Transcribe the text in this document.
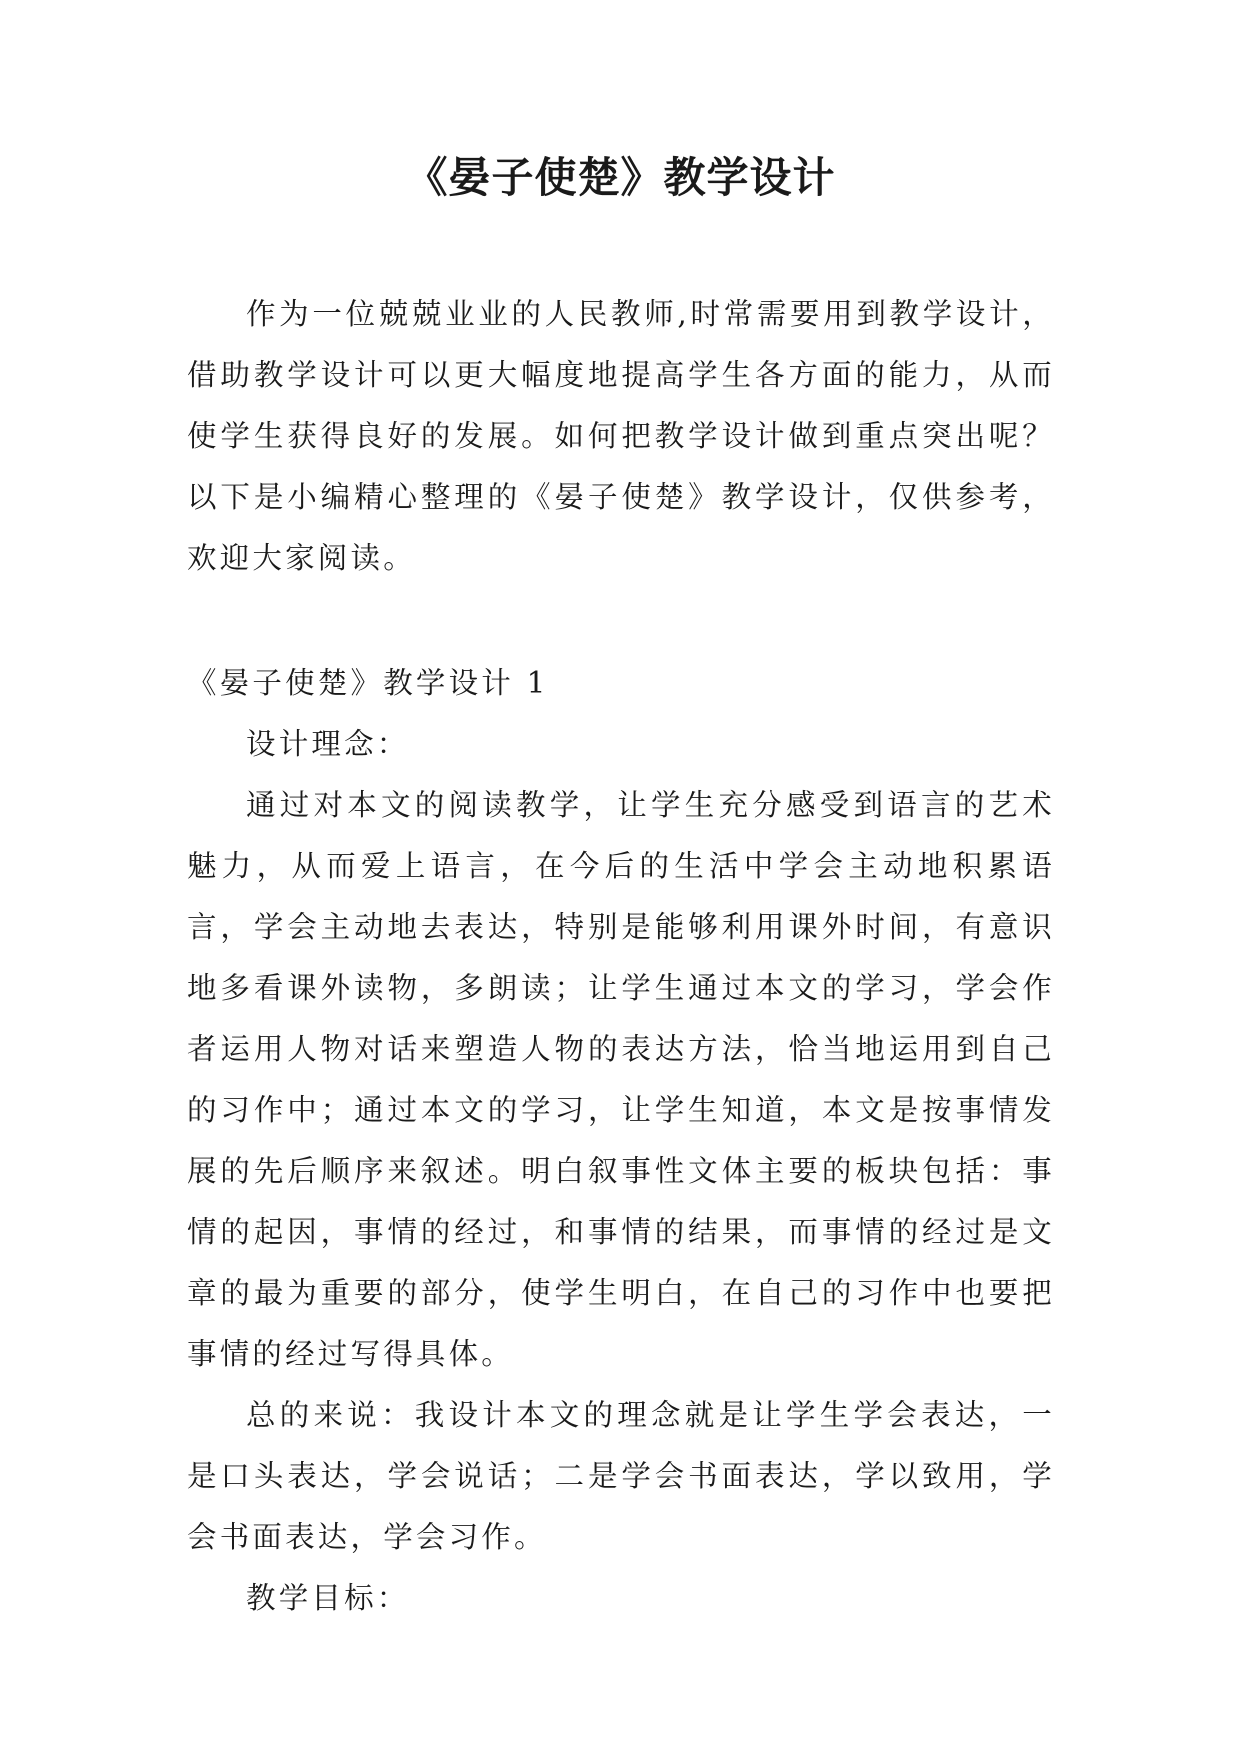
《晏子使楚》教学设计

作为一位兢兢业业的人民教师,时常需要用到教学设计，借助教学设计可以更大幅度地提高学生各方面的能力，从而使学生获得良好的发展。如何把教学设计做到重点突出呢？以下是小编精心整理的《晏子使楚》教学设计，仅供参考，欢迎大家阅读。

《晏子使楚》教学设计 1

设计理念：

通过对本文的阅读教学，让学生充分感受到语言的艺术魅力，从而爱上语言，在今后的生活中学会主动地积累语言，学会主动地去表达，特别是能够利用课外时间，有意识地多看课外读物，多朗读；让学生通过本文的学习，学会作者运用人物对话来塑造人物的表达方法，恰当地运用到自己的习作中；通过本文的学习，让学生知道，本文是按事情发展的先后顺序来叙述。明白叙事性文体主要的板块包括：事情的起因，事情的经过，和事情的结果，而事情的经过是文章的最为重要的部分，使学生明白，在自己的习作中也要把事情的经过写得具体。

总的来说：我设计本文的理念就是让学生学会表达，一是口头表达，学会说话；二是学会书面表达，学以致用，学会书面表达，学会习作。

教学目标：
